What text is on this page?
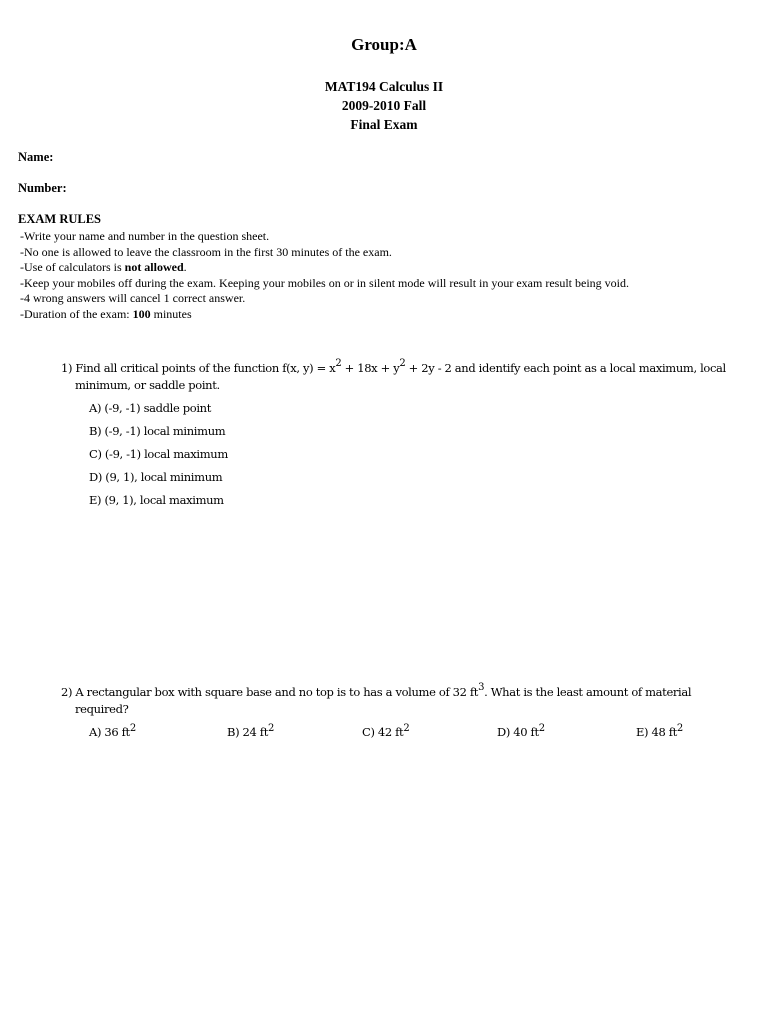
Group:A
MAT194 Calculus II
2009-2010 Fall
Final Exam
Name:
Number:
EXAM RULES
-Write your name and number in the question sheet.
-No one is allowed to leave the classroom in the first 30 minutes of the exam.
-Use of calculators is not allowed.
-Keep your mobiles off during the exam. Keeping your mobiles on or in silent mode will result in your exam result being void.
-4 wrong answers will cancel 1 correct answer.
-Duration of the exam: 100 minutes
1) Find all critical points of the function f(x, $y) = x^2 + 18x + y^2 + 2y - 2$ and identify each point as a local maximum, local
minimum, or saddle point.
A) (-9, -1) saddle point
B) (-9, -1) local minimum
C) (-9, -1) local maximum
D) (9, 1), local minimum
E) (9, 1), local maximum
2) A rectangular box with square base and no top is to has a volume of 32 $ft^3$. What is the least amount of material
required?
A) 36 $ft^2$	B) 24 $ft^2$	C) 42 $ft^2$	D) 40 $ft^2$	E) 48 $ft^2$
